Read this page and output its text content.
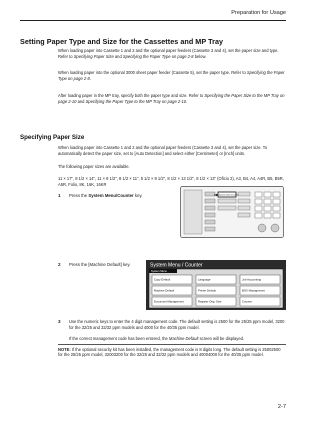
Preparation for Usage
Setting Paper Type and Size for the Cassettes and MP Tray
When loading paper into Cassette 1 and 2 and the optional paper feeders (Cassette 3 and 4), set the paper size and type. Refer to Specifying Paper Size and Specifying the Paper Type on page 2-8 below.
When loading paper into the optional 3000 sheet paper feeder (Cassette 5), set the paper type. Refer to Specifying the Paper Type on page 2-8.
After loading paper in the MP tray, specify both the paper type and size. Refer to Specifying the Paper Size to the MP Tray on page 2-10 and Specifying the Paper Type to the MP Tray on page 2-10.
Specifying Paper Size
When loading paper into Cassette 1 and 2 and the optional paper feeders (Cassette 3 and 4), set the paper size. To automatically detect the paper size, set to [Auto Detection] and select either [Centimeter] or [Inch] units.
The following paper sizes are available.
11 × 17", 8 1/2 × 14", 11 × 8 1/2", 8 1/2 × 11", 5 1/2 × 8 1/2", 8 1/2 × 13 1/2", 8 1/2 × 13" (Oficio 2), A3, B4, A4, A4R, B5, B5R, A5R, Folio, 8K, 16K, 16KR
1 Press the System Menu/Counter key.	System Menu/Counter
2 Press the [Machine Default] key.	System Menu / Counter
System Menu
Copy Default	Language	Job Accounting
Machine Default	Printer Default	BOX Management
Document Management	Register Orig. Size	Counter
3 Use the numeric keys to enter the 4 digit management code. The default setting is 2500 for the 25/25 ppm model, 3200 for the 32/25 and 32/32 ppm models and 4000 for the 40/35 ppm model.
If the correct management code has been entered, the Machine Default screen will be displayed.
NOTE: If the optional security kit has been installed, the management code is 8 digits long. The default setting is 25002500 for the 25/25 ppm model, 32003200 for the 32/25 and 32/32 ppm models and 40004000 for the 40/35 ppm model.
2-7
